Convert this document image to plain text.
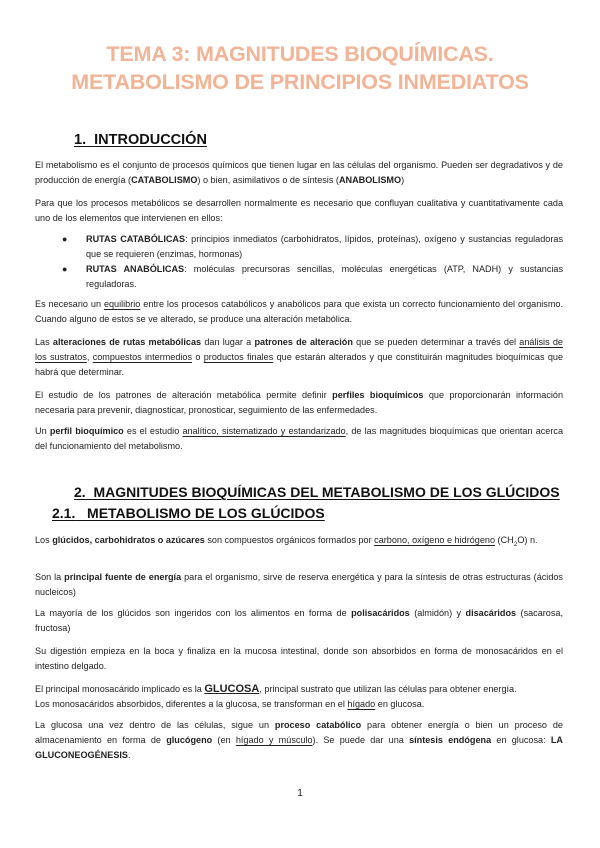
TEMA 3: MAGNITUDES BIOQUÍMICAS.
METABOLISMO DE PRINCIPIOS INMEDIATOS
1. INTRODUCCIÓN
El metabolismo es el conjunto de procesos químicos que tienen lugar en las células del organismo. Pueden ser degradativos y de producción de energía (CATABOLISMO) o bien, asimilativos o de síntesis (ANABOLISMO)
Para que los procesos metabólicos se desarrollen normalmente es necesario que confluyan cualitativa y cuantitativamente cada uno de los elementos que intervienen en ellos:
● RUTAS CATABÓLICAS: principios inmediatos (carbohidratos, lípidos, proteínas), oxígeno y sustancias reguladoras que se requieren (enzimas, hormonas)
● RUTAS ANABÓLICAS: moléculas precursoras sencillas, moléculas energéticas (ATP, NADH) y sustancias reguladoras.
Es necesario un equilibrio entre los procesos catabólicos y anabólicos para que exista un correcto funcionamiento del organismo. Cuando alguno de estos se ve alterado, se produce una alteración metabólica.
Las alteraciones de rutas metabólicas dan lugar a patrones de alteración que se pueden determinar a través del análisis de los sustratos, compuestos intermedios o productos finales que estarán alterados y que constituirán magnitudes bioquímicas que habrá que determinar.
El estudio de los patrones de alteración metabólica permite definir perfiles bioquímicos que proporcionarán información necesaria para prevenir, diagnosticar, pronosticar, seguimiento de las enfermedades.
Un perfil bioquímico es el estudio analítico, sistematizado y estandarizado, de las magnitudes bioquímicas que orientan acerca del funcionamiento del metabolismo.
2. MAGNITUDES BIOQUÍMICAS DEL METABOLISMO DE LOS GLÚCIDOS
2.1. METABOLISMO DE LOS GLÚCIDOS
Los glúcidos, carbohidratos o azúcares son compuestos orgánicos formados por carbono, oxígeno e hidrógeno $(CH_2O)$ n.
Son la principal fuente de energía para el organismo, sirve de reserva energética y para la síntesis de otras estructuras (ácidos nucleicos)
La mayoría de los glúcidos son ingeridos con los alimentos en forma de polisacáridos (almidón) y disacáridos (sacarosa, fructosa)
Su digestión empieza en la boca y finaliza en la mucosa intestinal, donde son absorbidos en forma de monosacáridos en el intestino delgado.
El principal monosacárido implicado es la GLUCOSA, principal sustrato que utilizan las células para obtener energía.
Los monosacáridos absorbidos, diferentes a la glucosa, se transforman en el hígado en glucosa.
La glucosa una vez dentro de las células, sigue un proceso catabólico para obtener energía o bien un proceso de almacenamiento en forma de glucógeno (en hígado y músculo). Se puede dar una síntesis endógena en glucosa: LA GLUCONEOGÉNESIS.
1
